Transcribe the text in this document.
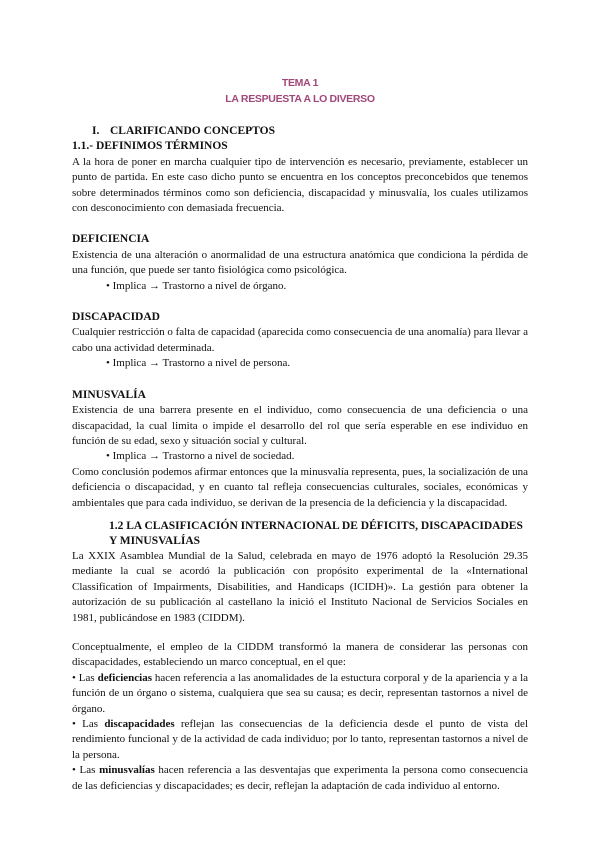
TEMA 1
LA RESPUESTA A LO DIVERSO
I. CLARIFICANDO CONCEPTOS
1.1.- DEFINIMOS TÉRMINOS
A la hora de poner en marcha cualquier tipo de intervención es necesario, previamente, establecer un punto de partida. En este caso dicho punto se encuentra en los conceptos preconcebidos que tenemos sobre determinados términos como son deficiencia, discapacidad y minusvalía, los cuales utilizamos con desconocimiento con demasiada frecuencia.
DEFICIENCIA
Existencia de una alteración o anormalidad de una estructura anatómica que condiciona la pérdida de una función, que puede ser tanto fisiológica como psicológica.
• Implica → Trastorno a nivel de órgano.
DISCAPACIDAD
Cualquier restricción o falta de capacidad (aparecida como consecuencia de una anomalía) para llevar a cabo una actividad determinada.
• Implica → Trastorno a nivel de persona.
MINUSVALÍA
Existencia de una barrera presente en el individuo, como consecuencia de una deficiencia o una discapacidad, la cual limita o impide el desarrollo del rol que sería esperable en ese individuo en función de su edad, sexo y situación social y cultural.
• Implica → Trastorno a nivel de sociedad.
Como conclusión podemos afirmar entonces que la minusvalía representa, pues, la socialización de una deficiencia o discapacidad, y en cuanto tal refleja consecuencias culturales, sociales, económicas y ambientales que para cada individuo, se derivan de la presencia de la deficiencia y la discapacidad.
1.2 LA CLASIFICACIÓN INTERNACIONAL DE DÉFICITS, DISCAPACIDADES Y MINUSVALÍAS
La XXIX Asamblea Mundial de la Salud, celebrada en mayo de 1976 adoptó la Resolución 29.35 mediante la cual se acordó la publicación con propósito experimental de la «International Classification of Impairments, Disabilities, and Handicaps (ICIDH)». La gestión para obtener la autorización de su publicación al castellano la inició el Instituto Nacional de Servicios Sociales en 1981, publicándose en 1983 (CIDDM).
Conceptualmente, el empleo de la CIDDM transformó la manera de considerar las personas con discapacidades, estableciendo un marco conceptual, en el que:
• Las deficiencias hacen referencia a las anomalidades de la estuctura corporal y de la apariencia y a la función de un órgano o sistema, cualquiera que sea su causa; es decir, representan tastornos a nivel de órgano.
• Las discapacidades reflejan las consecuencias de la deficiencia desde el punto de vista del rendimiento funcional y de la actividad de cada individuo; por lo tanto, representan tastornos a nivel de la persona.
• Las minusvalías hacen referencia a las desventajas que experimenta la persona como consecuencia de las deficiencias y discapacidades; es decir, reflejan la adaptación de cada individuo al entorno.
